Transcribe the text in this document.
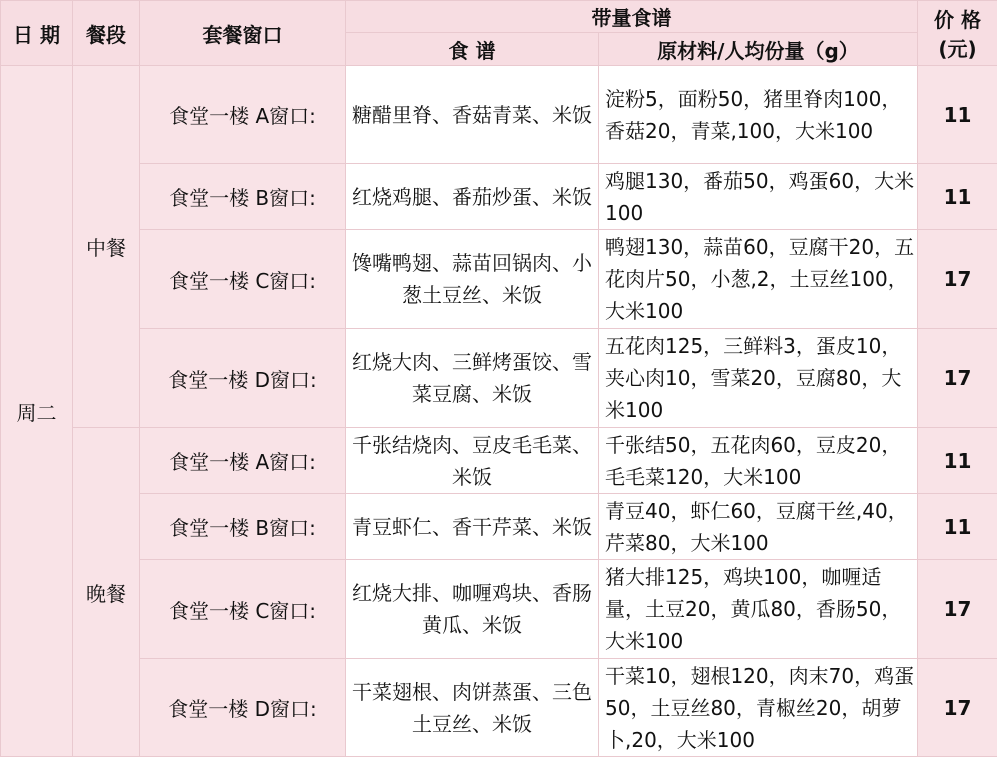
日 期	餐段	套餐窗口	带量食谱		价 格
(元)

			食 谱	原材料/人均份量（g）	
周二	中餐	食堂一楼 A窗口:	糖醋里脊、香菇青菜、米饭	淀粉5，面粉50，猪里脊肉100，香菇20，青菜,100，大米100	11
		食堂一楼 B窗口:	红烧鸡腿、番茄炒蛋、米饭	鸡腿130，番茄50，鸡蛋60，大米100	11
		食堂一楼 C窗口:	馋嘴鸭翅、蒜苗回锅肉、小葱土豆丝、米饭	鸭翅130，蒜苗60，豆腐干20，五花肉片50，小葱,2，土豆丝100，大米100	17
		食堂一楼 D窗口:	红烧大肉、三鲜烤蛋饺、雪菜豆腐、米饭	五花肉125，三鲜料3，蛋皮10，夹心肉10，雪菜20，豆腐80，大米100	17
	晚餐	食堂一楼 A窗口:	千张结烧肉、豆皮毛毛菜、米饭	千张结50，五花肉60，豆皮20，毛毛菜120，大米100	11
		食堂一楼 B窗口:	青豆虾仁、香干芹菜、米饭	青豆40，虾仁60，豆腐干丝,40，芹菜80，大米100	11
		食堂一楼 C窗口:	红烧大排、咖喱鸡块、香肠黄瓜、米饭	猪大排125，鸡块100，咖喱适量，土豆20，黄瓜80，香肠50，大米100	17
		食堂一楼 D窗口:	干菜翅根、肉饼蒸蛋、三色土豆丝、米饭	干菜10，翅根120，肉末70，鸡蛋50，土豆丝80，青椒丝20，胡萝卜,20，大米100	17
